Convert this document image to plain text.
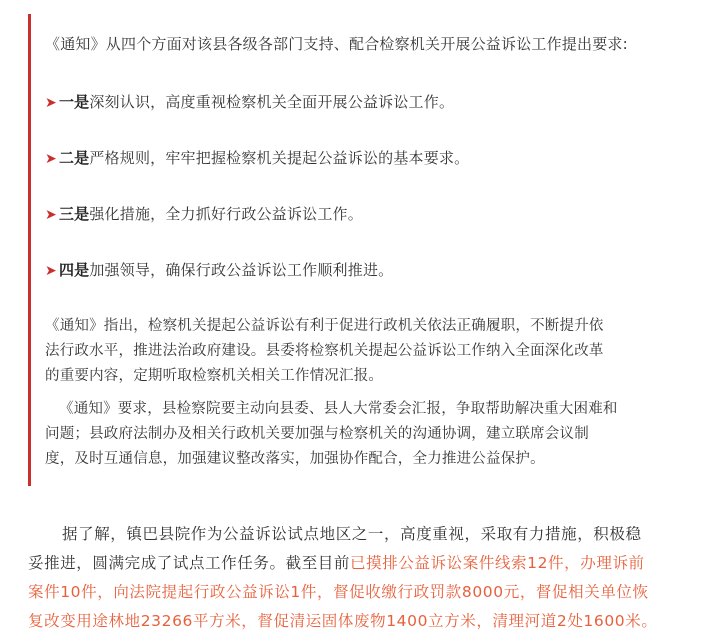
《通知》从四个方面对该县各级各部门支持、配合检察机关开展公益诉讼工作提出要求:
➤ 一是深刻认识，高度重视检察机关全面开展公益诉讼工作。
➤ 二是严格规则，牢牢把握检察机关提起公益诉讼的基本要求。
➤ 三是强化措施，全力抓好行政公益诉讼工作。
➤ 四是加强领导，确保行政公益诉讼工作顺利推进。
《通知》指出，检察机关提起公益诉讼有利于促进行政机关依法正确履职，不断提升依
法行政水平，推进法治政府建设。县委将检察机关提起公益诉讼工作纳入全面深化改革
的重要内容，定期听取检察机关相关工作情况汇报。
《通知》要求，县检察院要主动向县委、县人大常委会汇报，争取帮助解决重大困难和
问题；县政府法制办及相关行政机关要加强与检察机关的沟通协调，建立联席会议制
度，及时互通信息，加强建议整改落实，加强协作配合，全力推进公益保护。
据了解，镇巴县院作为公益诉讼试点地区之一，高度重视，采取有力措施，积极稳
妥推进，圆满完成了试点工作任务。截至目前已摸排公益诉讼案件线索12件，办理诉前
案件10件，向法院提起行政公益诉讼1件，督促收缴行政罚款8000元，督促相关单位恢
复改变用途林地23266平方米，督促清运固体废物1400立方米，清理河道2处1600米。
